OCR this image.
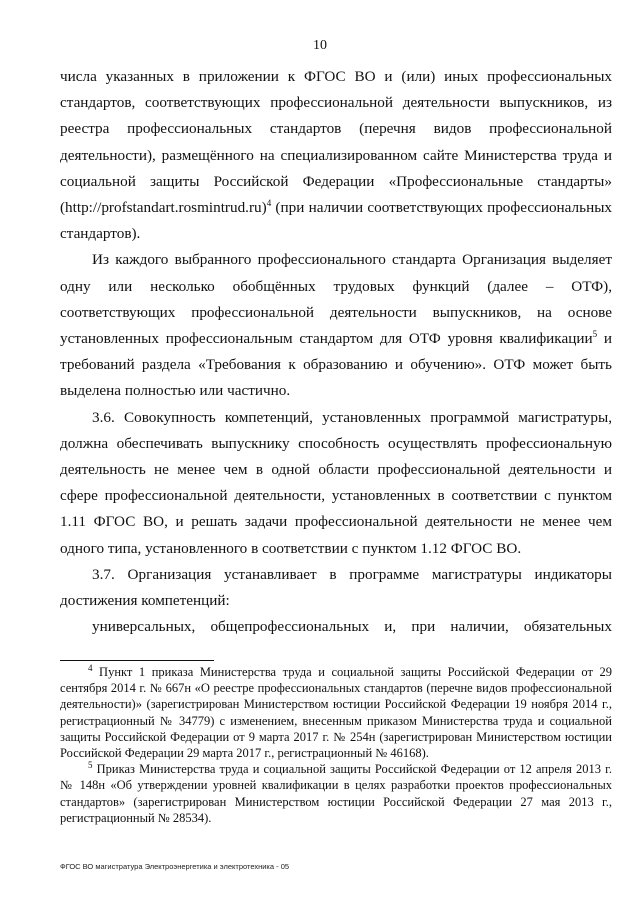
10

числа указанных в приложении к ФГОС ВО и (или) иных профессиональных стандартов, соответствующих профессиональной деятельности выпускников, из реестра профессиональных стандартов (перечня видов профессиональной деятельности), размещённого на специализированном сайте Министерства труда и социальной защиты Российской Федерации «Профессиональные стандарты» (http://profstandart.rosmintrud.ru)$^4$ (при наличии соответствующих профессиональных стандартов).

Из каждого выбранного профессионального стандарта Организация выделяет одну или несколько обобщённых трудовых функций (далее – ОТФ), соответствующих профессиональной деятельности выпускников, на основе установленных профессиональным стандартом для ОТФ уровня квалификации$^5$ и требований раздела «Требования к образованию и обучению». ОТФ может быть выделена полностью или частично.

3.6. Совокупность компетенций, установленных программой магистратуры, должна обеспечивать выпускнику способность осуществлять профессиональную деятельность не менее чем в одной области профессиональной деятельности и сфере профессиональной деятельности, установленных в соответствии с пунктом 1.11 ФГОС ВО, и решать задачи профессиональной деятельности не менее чем одного типа, установленного в соответствии с пунктом 1.12 ФГОС ВО.

3.7. Организация устанавливает в программе магистратуры индикаторы достижения компетенций:

универсальных, общепрофессиональных и, при наличии, обязательных

$^4$ Пункт 1 приказа Министерства труда и социальной защиты Российской Федерации от 29 сентября 2014 г. № 667н «О реестре профессиональных стандартов (перечне видов профессиональной деятельности)» (зарегистрирован Министерством юстиции Российской Федерации 19 ноября 2014 г., регистрационный № 34779) с изменением, внесенным приказом Министерства труда и социальной защиты Российской Федерации от 9 марта 2017 г. № 254н (зарегистрирован Министерством юстиции Российской Федерации 29 марта 2017 г., регистрационный № 46168).

$^5$ Приказ Министерства труда и социальной защиты Российской Федерации от 12 апреля 2013 г. № 148н «Об утверждении уровней квалификации в целях разработки проектов профессиональных стандартов» (зарегистрирован Министерством юстиции Российской Федерации 27 мая 2013 г., регистрационный № 28534).

ФГОС ВО магистратура Электроэнергетика и электротехника - 05
